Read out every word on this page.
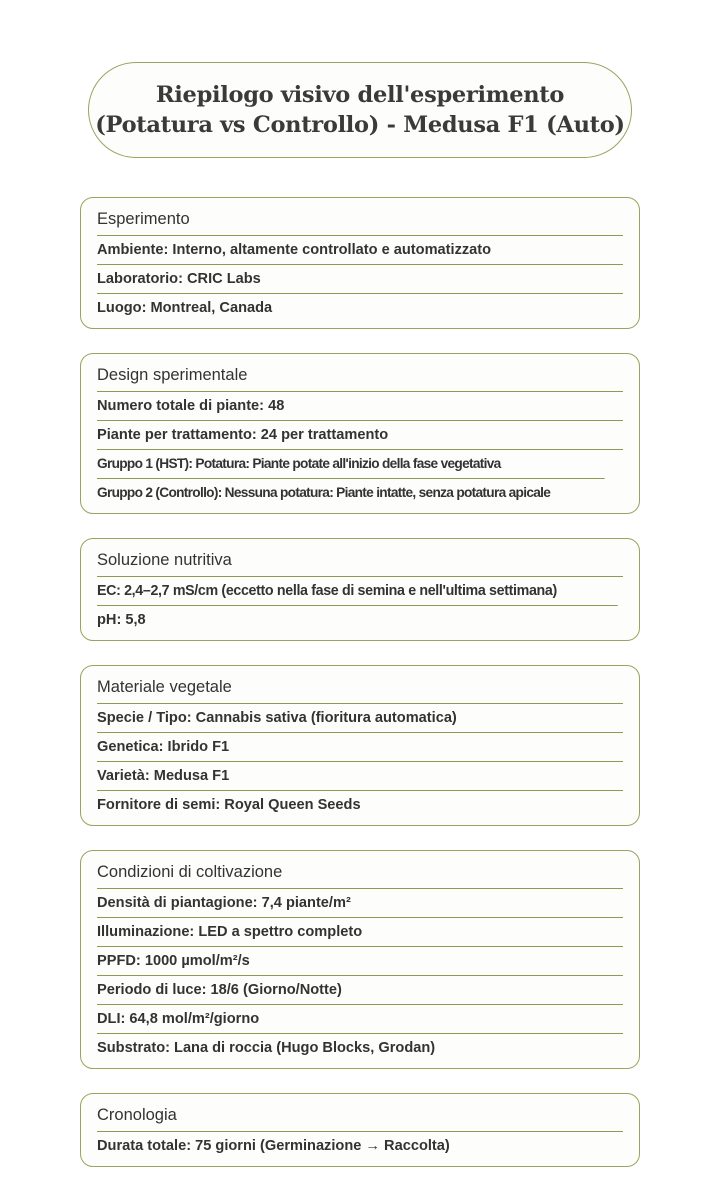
Riepilogo visivo dell'esperimento
(Potatura vs Controllo) - Medusa F1 (Auto)
Esperimento
Ambiente: Interno, altamente controllato e automatizzato
Laboratorio: CRIC Labs
Luogo: Montreal, Canada
Design sperimentale
Numero totale di piante: 48
Piante per trattamento: 24 per trattamento
Gruppo 1 (HST): Potatura: Piante potate all'inizio della fase vegetativa
Gruppo 2 (Controllo): Nessuna potatura: Piante intatte, senza potatura apicale
Soluzione nutritiva
EC: 2,4–2,7 mS/cm (eccetto nella fase di semina e nell'ultima settimana)
pH: 5,8
Materiale vegetale
Specie / Tipo: Cannabis sativa (fioritura automatica)
Genetica: Ibrido F1
Varietà: Medusa F1
Fornitore di semi: Royal Queen Seeds
Condizioni di coltivazione
Densità di piantagione: 7,4 piante/m²
Illuminazione: LED a spettro completo
PPFD: 1000 µmol/m²/s
Periodo di luce: 18/6 (Giorno/Notte)
DLI: 64,8 mol/m²/giorno
Substrato: Lana di roccia (Hugo Blocks, Grodan)
Cronologia
Durata totale: 75 giorni (Germinazione → Raccolta)
